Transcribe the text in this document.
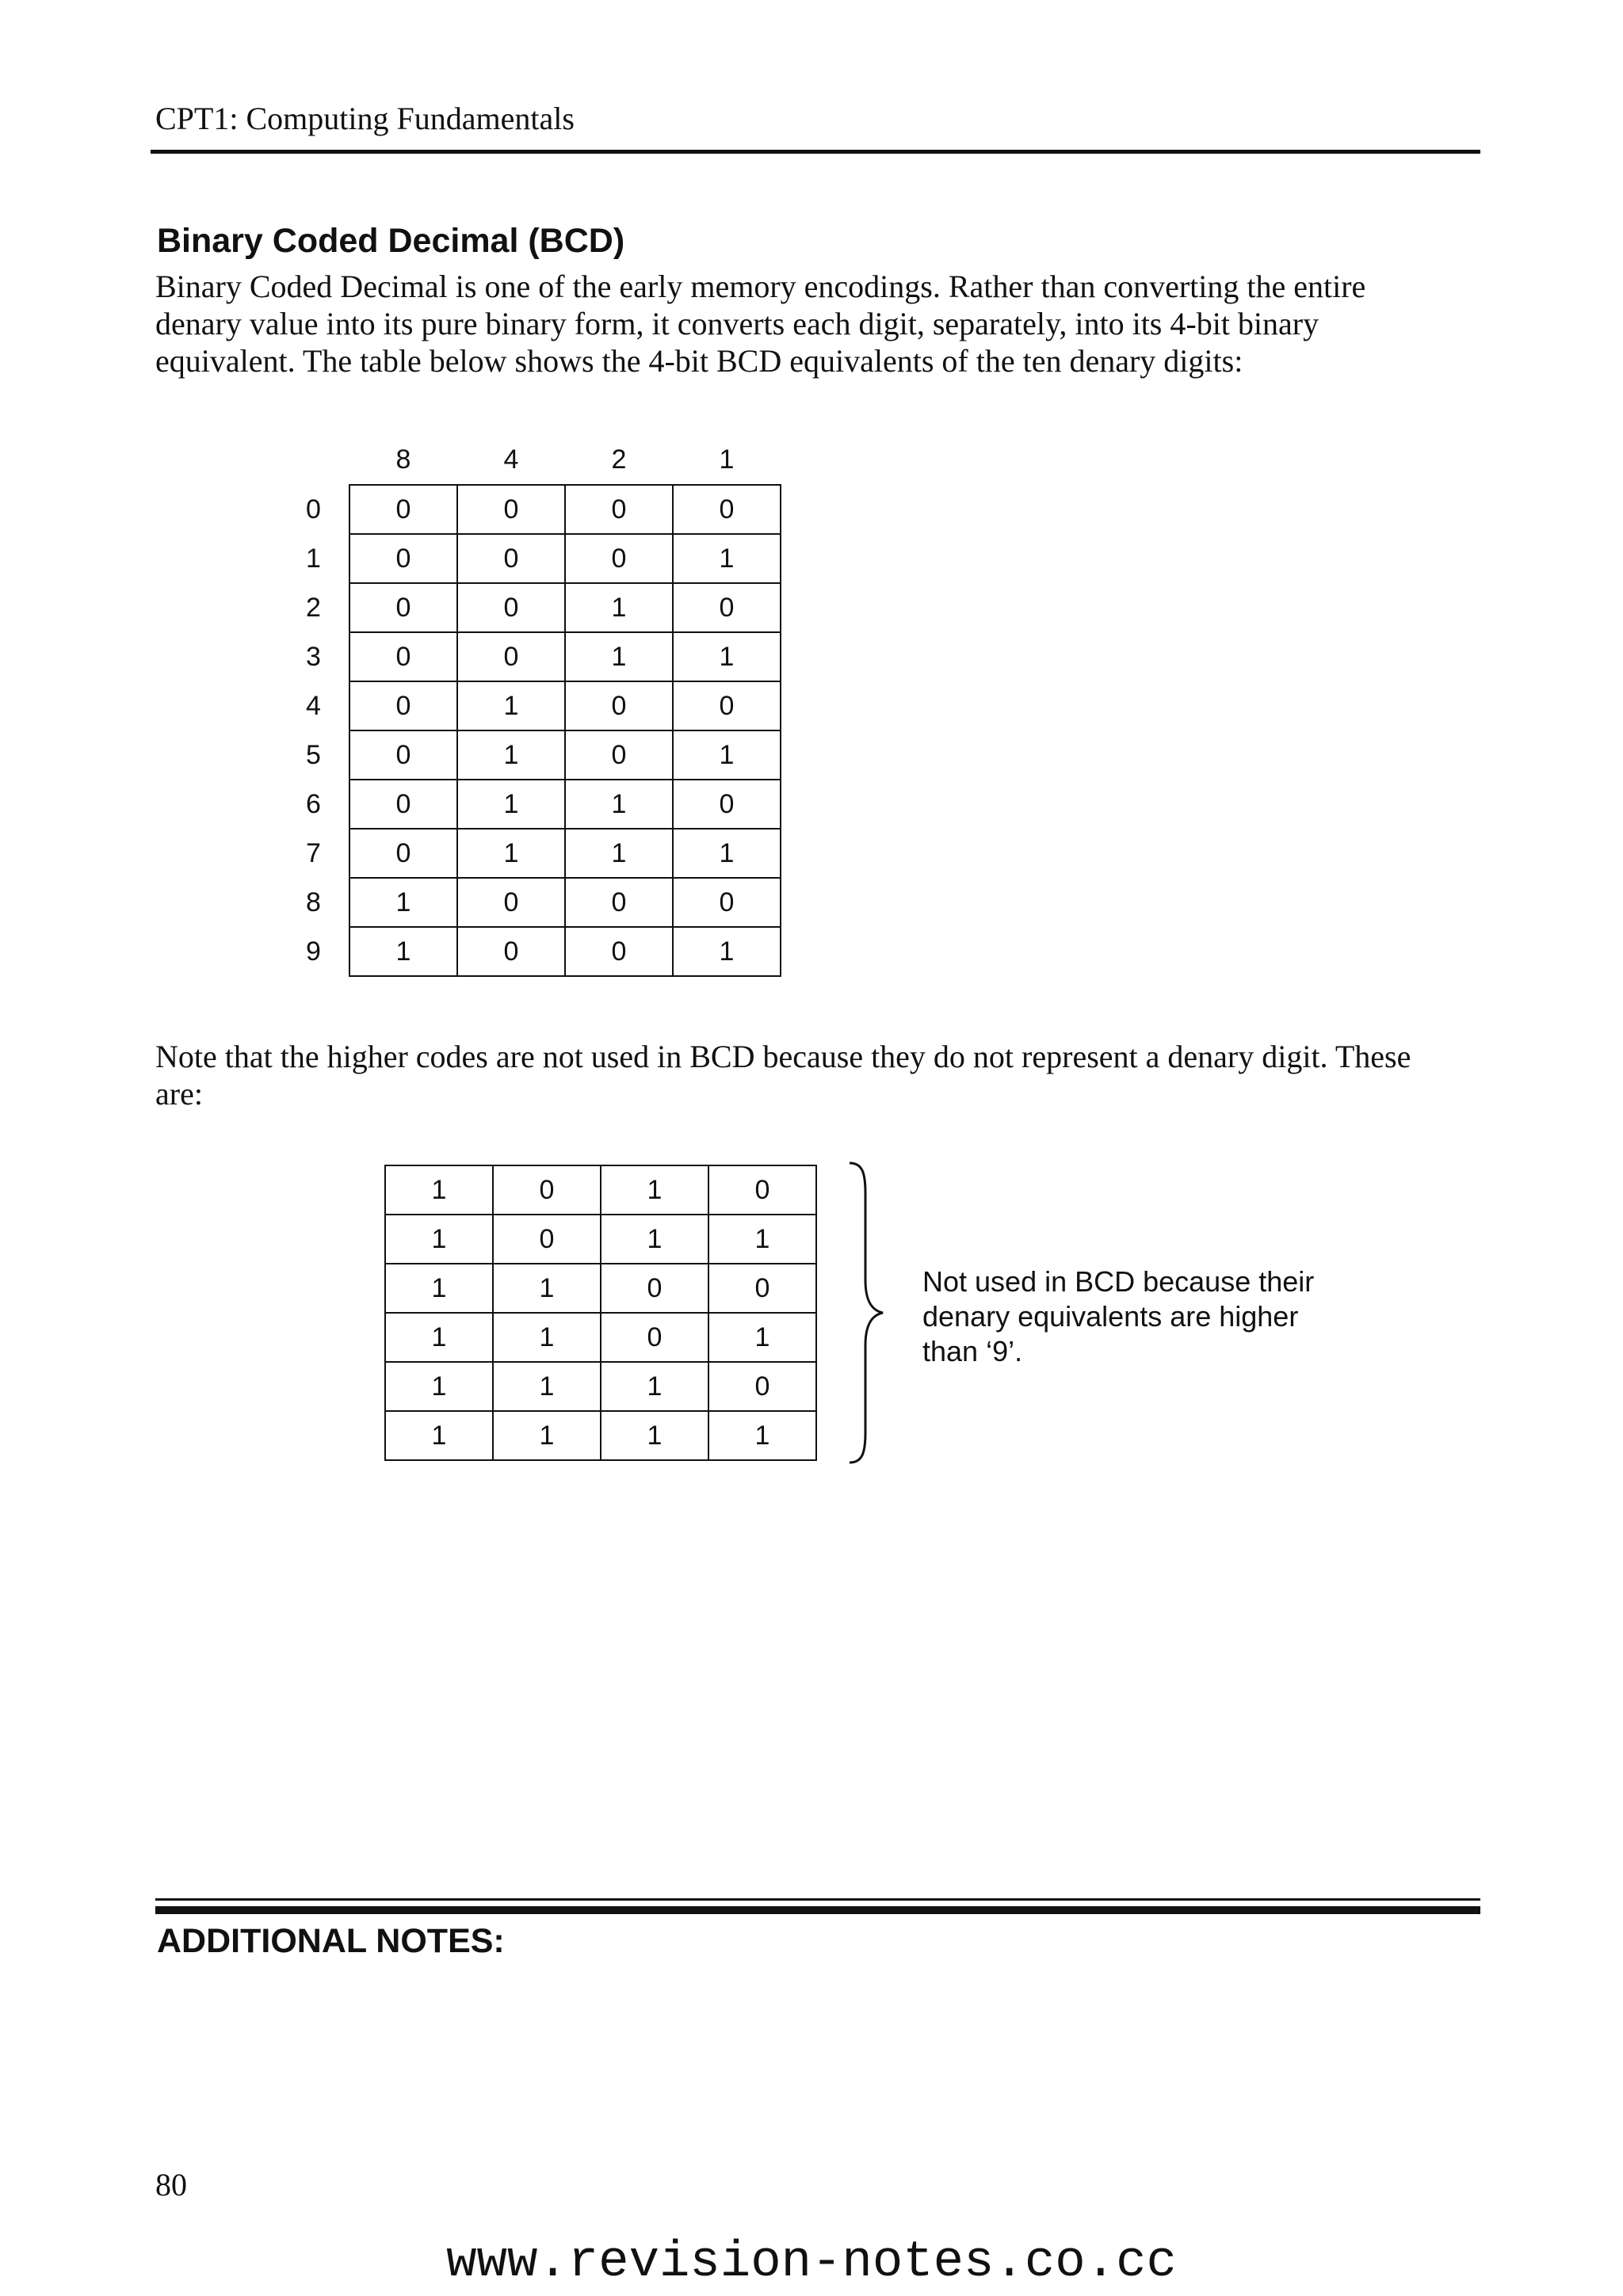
CPT1: Computing Fundamentals
Binary Coded Decimal (BCD)
Binary Coded Decimal is one of the early memory encodings. Rather than converting the entire
denary value into its pure binary form, it converts each digit, separately, into its 4-bit binary
equivalent. The table below shows the 4-bit BCD equivalents of the ten denary digits:
	8	4	2	1
0	0	0	0	0
1	0	0	0	1
2	0	0	1	0
3	0	0	1	1
4	0	1	0	0
5	0	1	0	1
6	0	1	1	0
7	0	1	1	1
8	1	0	0	0
9	1	0	0	1
Note that the higher codes are not used in BCD because they do not represent a denary digit. These
are:
1	0	1	0
1	0	1	1
1	1	0	0
1	1	0	1
1	1	1	0
1	1	1	1
Not used in BCD because their
denary equivalents are higher
than ‘9’.
ADDITIONAL NOTES:
80
www.revision-notes.co.cc
